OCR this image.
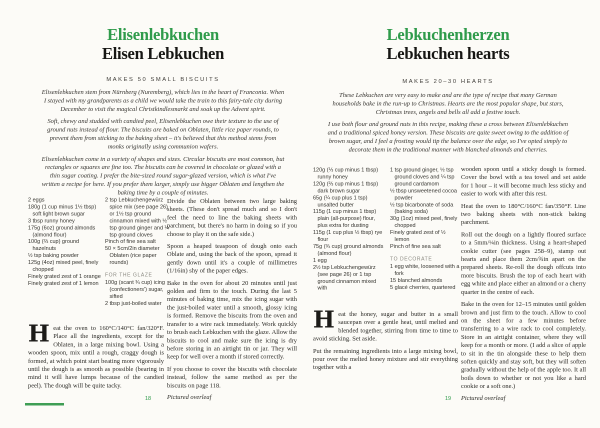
Elisenlebkuchen
Elisen Lebkuchen
MAKES 50 SMALL BISCUITS

Elisenlebkuchen stem from Nürnberg (Nuremberg), which lies in the heart of Franconia. When I stayed with my grandparents as a child we would take the train to this fairy-tale city during December to visit the magical Christkindlesmarkt and soak up the Advent spirit.

Soft, chewy and studded with candied peel, Elisenlebkuchen owe their texture to the use of ground nuts instead of flour. The biscuits are baked on Oblaten, little rice paper rounds, to prevent them from sticking to the baking sheet – it's believed that this method stems from monks originally using communion wafers.

Elisenlebkuchen come in a variety of shapes and sizes. Circular biscuits are most common, but rectangles or squares are fine too. The biscuits can be covered in chocolate or glazed with a thin sugar coating. I prefer the bite-sized round sugar-glazed version, which is what I've written a recipe for here. If you prefer them larger, simply use bigger Oblaten and lengthen the baking time by a couple of minutes.

2 eggs
180g (1 cup minus 1½ tbsp) soft light brown sugar
3 tbsp runny honey
175g (6oz) ground almonds (almond flour)
100g (⅔ cup) ground hazelnuts
½ tsp baking powder
125g (4oz) mixed peel, finely chopped
Finely grated zest of 1 orange
Finely grated zest of 1 lemon
2 tsp Lebkuchengewürz spice mix (see page 26) or 1½ tsp ground cinnamon mixed with ½ tsp ground ginger and ¼ tsp ground cloves
Pinch of fine sea salt
50 × 5cm/2in diameter Oblaten (rice paper rounds)
FOR THE GLAZE
100g (scant ¾ cup) icing (confectioners') sugar, sifted
2 tbsp just-boiled water

Heat the oven to 160°C/140°C fan/320°F. Place all the ingredients, except for the Oblaten, in a large mixing bowl. Using a wooden spoon, mix until a rough, craggy dough is formed, at which point start beating more vigorously until the dough is as smooth as possible (bearing in mind it will have lumps because of the candied peel). The dough will be quite tacky.

Divide the Oblaten between two large baking sheets. (These don't spread much and so I don't feel the need to line the baking sheets with parchment, but there's no harm in doing so if you choose to play it on the safe side.)

Spoon a heaped teaspoon of dough onto each Oblate and, using the back of the spoon, spread it gently down until it's a couple of millimetres (1/16in) shy of the paper edges.

Bake in the oven for about 20 minutes until just golden and firm to the touch. During the last 5 minutes of baking time, mix the icing sugar with the just-boiled water until a smooth, glossy icing is formed. Remove the biscuits from the oven and transfer to a wire rack immediately. Work quickly to brush each Lebkuchen with the glaze. Allow the biscuits to cool and make sure the icing is dry before storing in an airtight tin or jar. They will keep for well over a month if stored correctly.

If you choose to cover the biscuits with chocolate instead, follow the same method as per the biscuits on page 118.

Pictured overleaf
18
Lebkuchenherzen
Lebkuchen hearts
MAKES 20–30 HEARTS

These Lebkuchen are very easy to make and are the type of recipe that many German households bake in the run-up to Christmas. Hearts are the most popular shape, but stars, Christmas trees, angels and bells all add a festive touch.

I use both flour and ground nuts in this recipe, making these a cross between Elisenlebkuchen and a traditional spiced honey version. These biscuits are quite sweet owing to the addition of brown sugar, and I feel a frosting would tip the balance over the edge, so I've opted simply to decorate them in the traditional manner with blanched almonds and cherries.

120g (⅓ cup minus 1 tbsp) runny honey
120g (⅔ cup minus 1 tbsp) dark brown sugar
65g (¼ cup plus 1 tsp) unsalted butter
115g (1 cup minus 1 tbsp) plain (all-purpose) flour, plus extra for dusting
115g (1 cup plus ½ tbsp) rye flour
75g (¾ cup) ground almonds (almond flour)
1 egg
2½ tsp Lebkuchengewürz (see page 26) or 1 tsp ground cinnamon mixed with
1 tsp ground ginger, ½ tsp ground cloves and ¼ tsp ground cardamom
½ tbsp unsweetened cocoa powder
½ tsp bicarbonate of soda (baking soda)
30g (1oz) mixed peel, finely chopped
Finely grated zest of ½ lemon
Pinch of fine sea salt
TO DECORATE
1 egg white, loosened with a fork
15 blanched almonds
5 glacé cherries, quartered

Heat the honey, sugar and butter in a small saucepan over a gentle heat, until melted and blended together, stirring from time to time to avoid sticking. Set aside.

Put the remaining ingredients into a large mixing bowl, pour over the melted honey mixture and stir everything together with a

wooden spoon until a sticky dough is formed. Cover the bowl with a tea towel and set aside for 1 hour – it will become much less sticky and easier to work with after this rest.

Heat the oven to 180°C/160°C fan/350°F. Line two baking sheets with non-stick baking parchment.

Roll out the dough on a lightly floured surface to a 5mm/¼in thickness. Using a heart-shaped cookie cutter (see pages 258–9), stamp out hearts and place them 2cm/¾in apart on the prepared sheets. Re-roll the dough offcuts into more biscuits. Brush the top of each heart with egg white and place either an almond or a cherry quarter in the centre of each.

Bake in the oven for 12–15 minutes until golden brown and just firm to the touch. Allow to cool on the sheet for a few minutes before transferring to a wire rack to cool completely. Store in an airtight container, where they will keep for a month or more. (I add a slice of apple to sit in the tin alongside these to help them soften quickly and stay soft, but they will soften gradually without the help of the apple too. It all boils down to whether or not you like a hard cookie or a soft one.)

Pictured overleaf
19
